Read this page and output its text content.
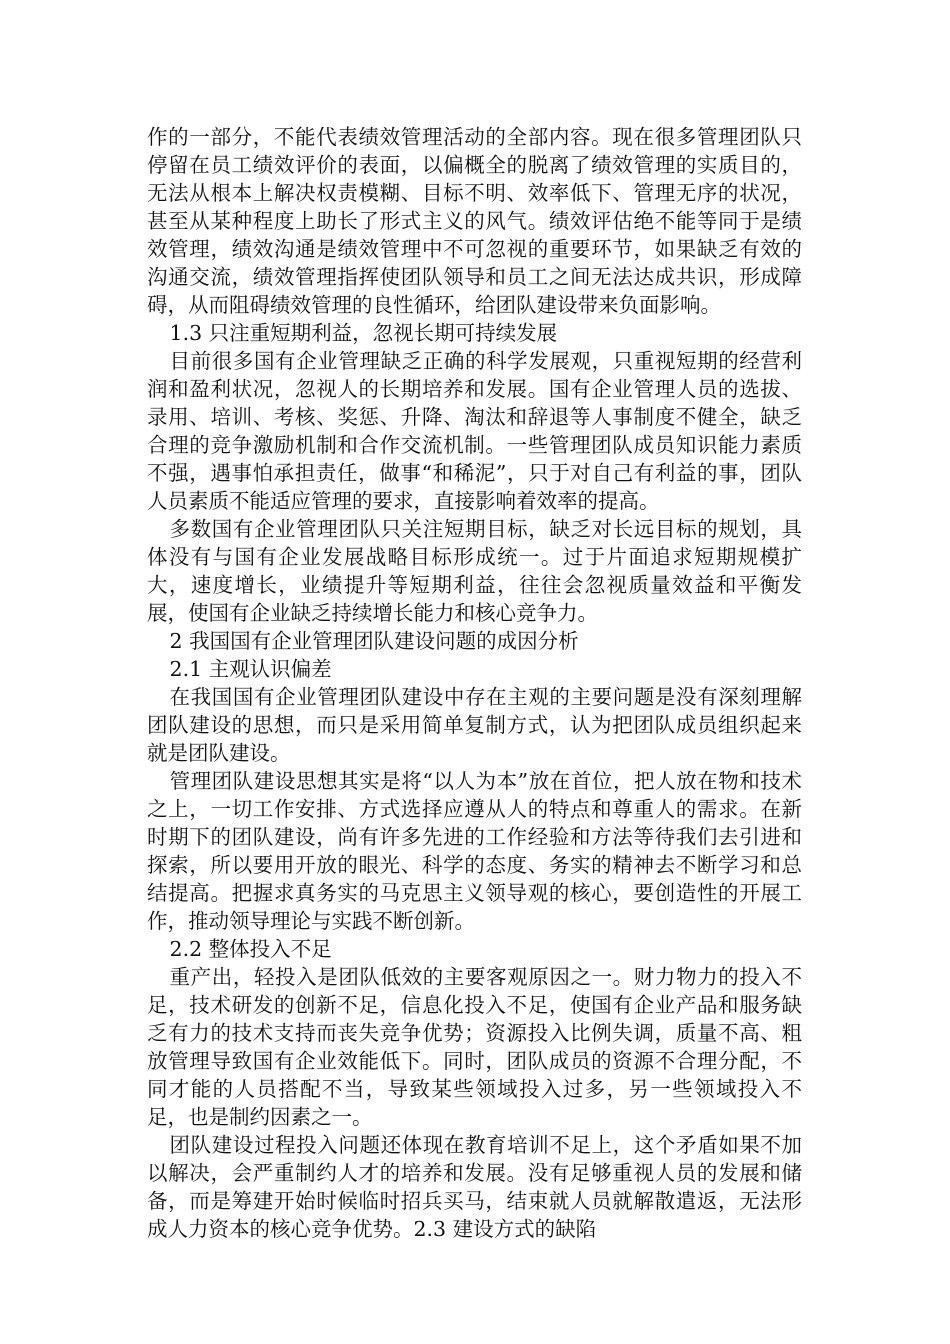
作的一部分，不能代表绩效管理活动的全部内容。现在很多管理团队只停留在员工绩效评价的表面，以偏概全的脱离了绩效管理的实质目的，无法从根本上解决权责模糊、目标不明、效率低下、管理无序的状况，甚至从某种程度上助长了形式主义的风气。绩效评估绝不能等同于是绩效管理，绩效沟通是绩效管理中不可忽视的重要环节，如果缺乏有效的沟通交流，绩效管理指挥使团队领导和员工之间无法达成共识，形成障碍，从而阻碍绩效管理的良性循环，给团队建设带来负面影响。

1.3 只注重短期利益，忽视长期可持续发展

目前很多国有企业管理缺乏正确的科学发展观，只重视短期的经营利润和盈利状况，忽视人的长期培养和发展。国有企业管理人员的选拔、录用、培训、考核、奖惩、升降、淘汰和辞退等人事制度不健全，缺乏合理的竞争激励机制和合作交流机制。一些管理团队成员知识能力素质不强，遇事怕承担责任，做事“和稀泥”，只于对自己有利益的事，团队人员素质不能适应管理的要求，直接影响着效率的提高。

多数国有企业管理团队只关注短期目标，缺乏对长远目标的规划，具体没有与国有企业发展战略目标形成统一。过于片面追求短期规模扩大，速度增长，业绩提升等短期利益，往往会忽视质量效益和平衡发展，使国有企业缺乏持续增长能力和核心竞争力。

2 我国国有企业管理团队建设问题的成因分析

2.1 主观认识偏差

在我国国有企业管理团队建设中存在主观的主要问题是没有深刻理解团队建设的思想，而只是采用简单复制方式，认为把团队成员组织起来就是团队建设。

管理团队建设思想其实是将“以人为本”放在首位，把人放在物和技术之上，一切工作安排、方式选择应遵从人的特点和尊重人的需求。在新时期下的团队建设，尚有许多先进的工作经验和方法等待我们去引进和探索，所以要用开放的眼光、科学的态度、务实的精神去不断学习和总结提高。把握求真务实的马克思主义领导观的核心，要创造性的开展工作，推动领导理论与实践不断创新。

2.2 整体投入不足

重产出，轻投入是团队低效的主要客观原因之一。财力物力的投入不足，技术研发的创新不足，信息化投入不足，使国有企业产品和服务缺乏有力的技术支持而丧失竞争优势；资源投入比例失调，质量不高、粗放管理导致国有企业效能低下。同时，团队成员的资源不合理分配，不同才能的人员搭配不当，导致某些领域投入过多，另一些领域投入不足，也是制约因素之一。

团队建设过程投入问题还体现在教育培训不足上，这个矛盾如果不加以解决，会严重制约人才的培养和发展。没有足够重视人员的发展和储备，而是筹建开始时候临时招兵买马，结束就人员就解散遣返，无法形成人力资本的核心竞争优势。2.3 建设方式的缺陷
